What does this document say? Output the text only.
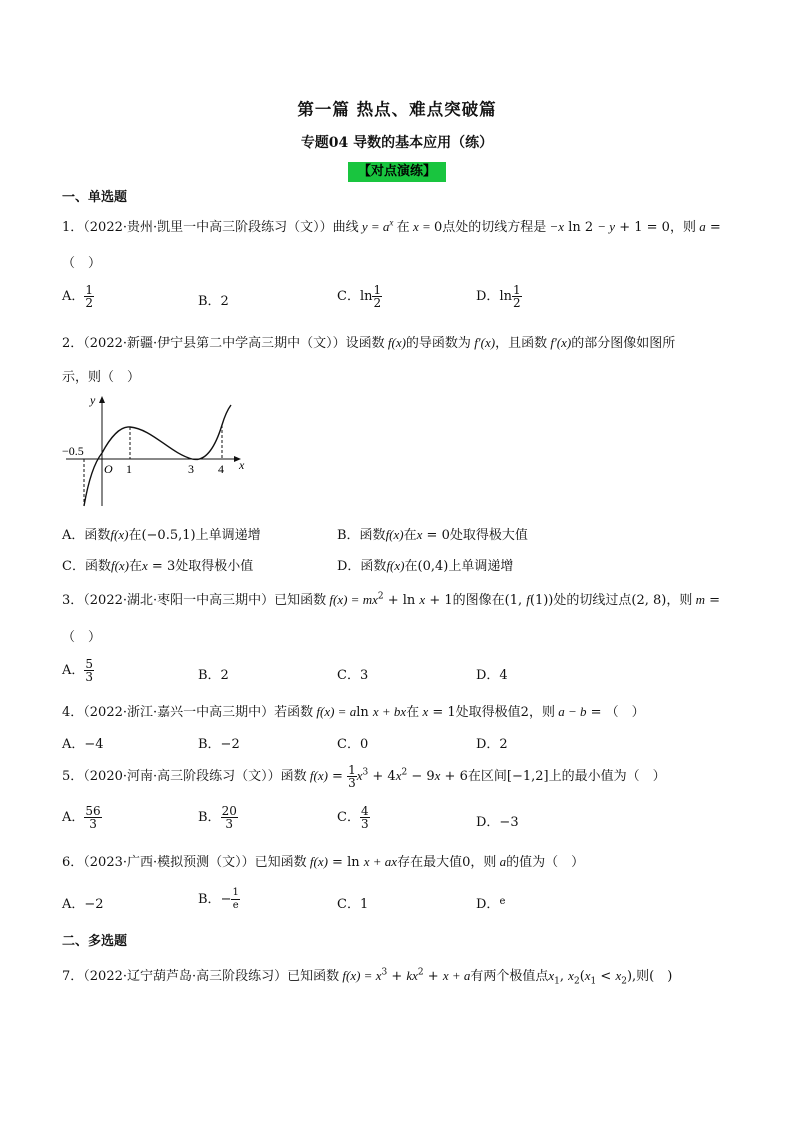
第一篇 热点、难点突破篇
专题04 导数的基本应用（练）
【对点演练】
一、单选题
1．（2022·贵州·凯里一中高三阶段练习（文））曲线 $y = a^x$ 在 x = 0点处的切线方程是 −x ln 2 − y + 1 = 0，则 a =
（　）
A． $\frac{1}{2}$	B．2	C．$\ln \frac{1}{2}$	D．$\ln \frac{1}{2}$
2．（2022·新疆·伊宁县第二中学高三期中（文））设函数 f(x)的导函数为 f′(x)，且函数 f′(x)的部分图像如图所
示，则（　）
−0.5
y
O 1	3 4 x
A．函数f(x)在(−0.5,1)上单调递增	B．函数f(x)在x = 0处取得极大值
C．函数f(x)在x = 3处取得极小值	D．函数f(x)在(0,4)上单调递增
3．（2022·湖北·枣阳一中高三期中）已知函数 $f(x) = mx^2 + \ln x + 1$的图像在(1, f(1))处的切线过点(2, 8)，则 m =
（　）
A． $\frac{5}{3}$	B．2	C．3	D．4
4．（2022·浙江·嘉兴一中高三期中）若函数 f(x) = aln x + bx在 x = 1处取得极值2，则 a − b = （　）
A．−4	B．−2	C．0	D．2
5．（2020·河南·高三阶段练习（文））函数 $f(x) = \frac{1}{3} x^3 + 4x^2 - 9x + 6$在区间[−1,2]上的最小值为（　）
A． $\frac{56}{3}$	B． $\frac{20}{3}$	C． $\frac{4}{3}$	D．−3
6．（2023·广西·模拟预测（文））已知函数 f(x) = ln x + ax存在最大值0，则 a的值为（　）
A．−2	B．− $\frac{1}{e}$	C．1	D．$^e$
二、多选题
7．（2022·辽宁葫芦岛·高三阶段练习）已知函数 $f(x) = x^3 + kx^2 + x + a$有两个极值点$x_1$, $x_2(x_1 < x_2)$,则(　)
